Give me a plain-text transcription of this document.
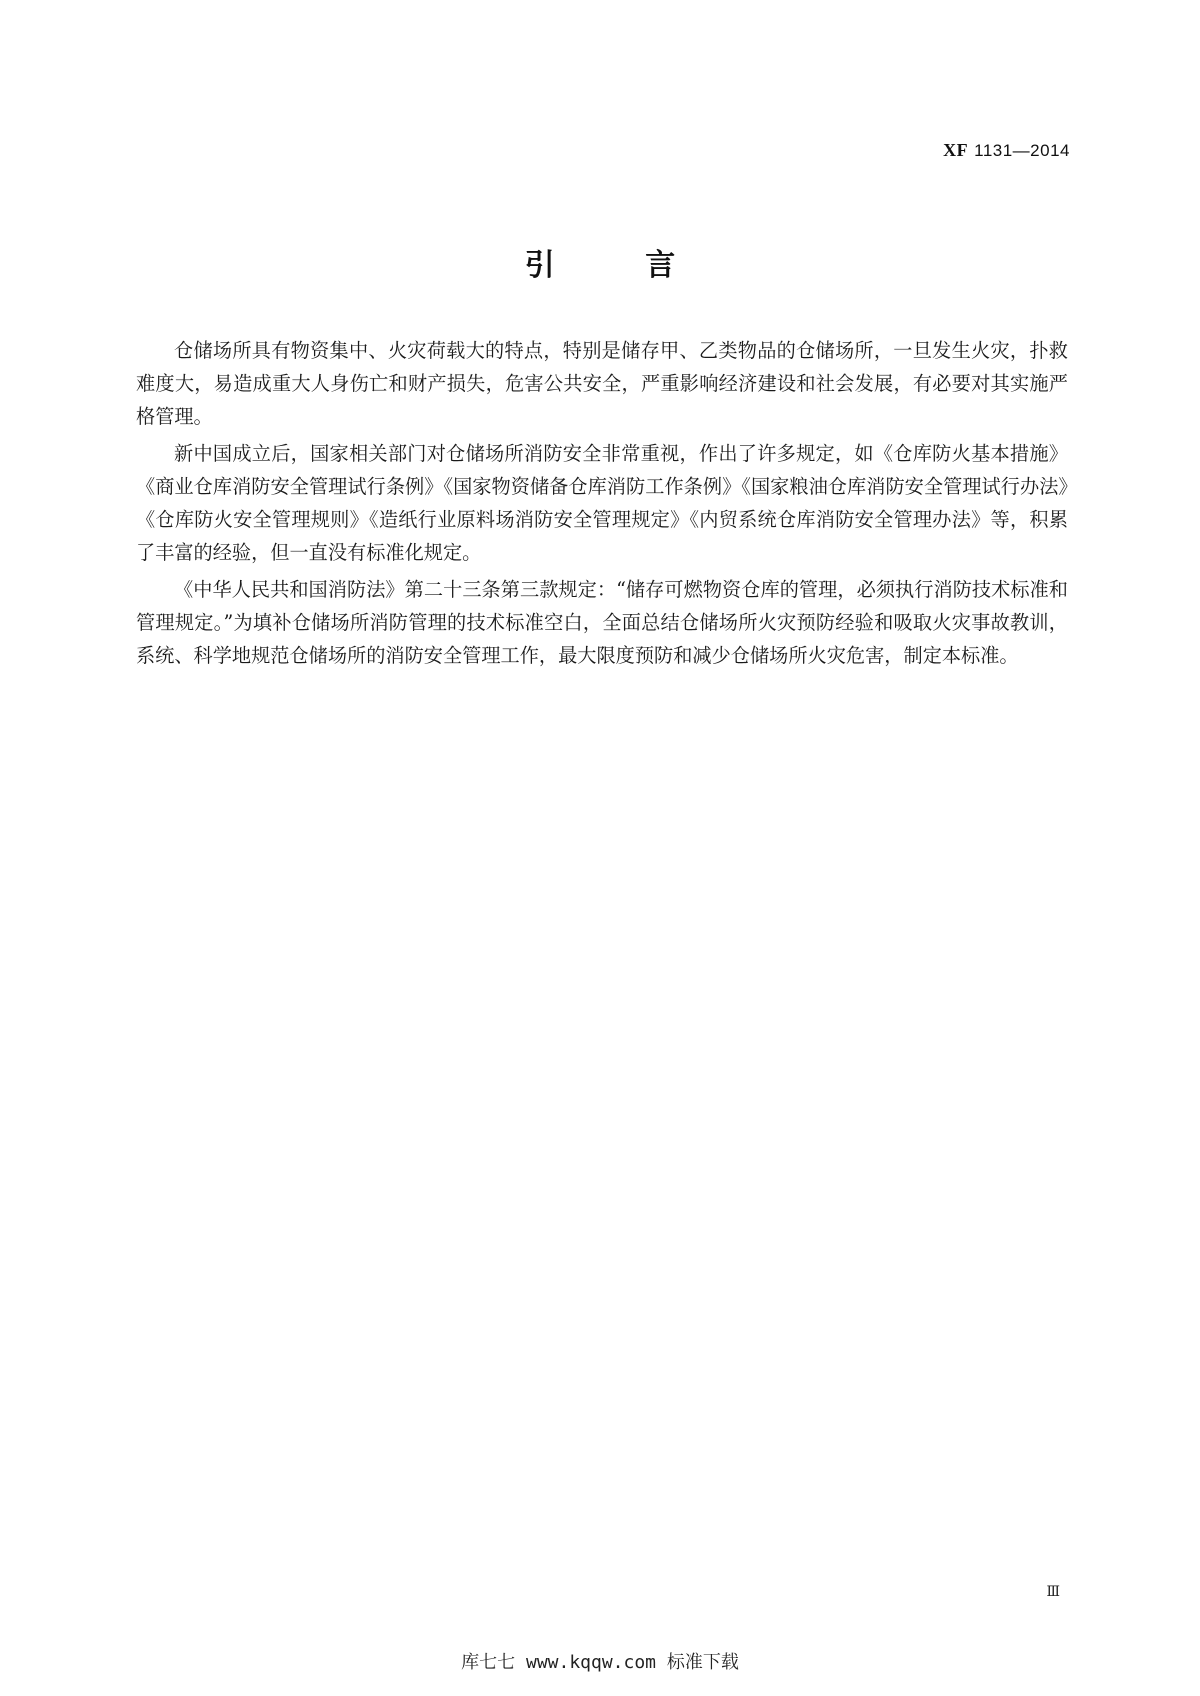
XF 1131—2014
引 言

仓储场所具有物资集中、火灾荷载大的特点，特别是储存甲、乙类物品的仓储场所，一旦发生火灾，扑救难度大，易造成重大人身伤亡和财产损失，危害公共安全，严重影响经济建设和社会发展，有必要对其实施严格管理。

新中国成立后，国家相关部门对仓储场所消防安全非常重视，作出了许多规定，如《仓库防火基本措施》《商业仓库消防安全管理试行条例》《国家物资储备仓库消防工作条例》《国家粮油仓库消防安全管理试行办法》《仓库防火安全管理规则》《造纸行业原料场消防安全管理规定》《内贸系统仓库消防安全管理办法》等，积累了丰富的经验，但一直没有标准化规定。

《中华人民共和国消防法》第二十三条第三款规定：“储存可燃物资仓库的管理，必须执行消防技术标准和管理规定。”为填补仓储场所消防管理的技术标准空白，全面总结仓储场所火灾预防经验和吸取火灾事故教训，系统、科学地规范仓储场所的消防安全管理工作，最大限度预防和减少仓储场所火灾危害，制定本标准。

Ⅲ
库七七 www.kqqw.com 标准下载
